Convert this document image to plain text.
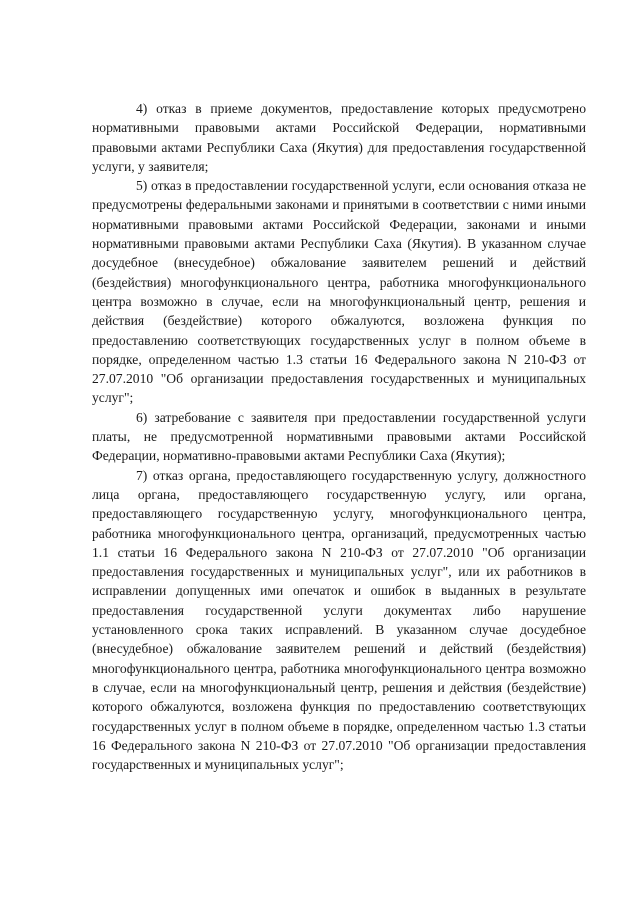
4) отказ в приеме документов, предоставление которых предусмотрено нормативными правовыми актами Российской Федерации, нормативными правовыми актами Республики Саха (Якутия) для предоставления государственной услуги, у заявителя;

5) отказ в предоставлении государственной услуги, если основания отказа не предусмотрены федеральными законами и принятыми в соответствии с ними иными нормативными правовыми актами Российской Федерации, законами и иными нормативными правовыми актами Республики Саха (Якутия). В указанном случае досудебное (внесудебное) обжалование заявителем решений и действий (бездействия) многофункционального центра, работника многофункционального центра возможно в случае, если на многофункциональный центр, решения и действия (бездействие) которого обжалуются, возложена функция по предоставлению соответствующих государственных услуг в полном объеме в порядке, определенном частью 1.3 статьи 16 Федерального закона N 210-ФЗ от 27.07.2010 "Об организации предоставления государственных и муниципальных услуг";

6) затребование с заявителя при предоставлении государственной услуги платы, не предусмотренной нормативными правовыми актами Российской Федерации, нормативно-правовыми актами Республики Саха (Якутия);

7) отказ органа, предоставляющего государственную услугу, должностного лица органа, предоставляющего государственную услугу, или органа, предоставляющего государственную услугу, многофункционального центра, работника многофункционального центра, организаций, предусмотренных частью 1.1 статьи 16 Федерального закона N 210-ФЗ от 27.07.2010 "Об организации предоставления государственных и муниципальных услуг", или их работников в исправлении допущенных ими опечаток и ошибок в выданных в результате предоставления государственной услуги документах либо нарушение установленного срока таких исправлений. В указанном случае досудебное (внесудебное) обжалование заявителем решений и действий (бездействия) многофункционального центра, работника многофункционального центра возможно в случае, если на многофункциональный центр, решения и действия (бездействие) которого обжалуются, возложена функция по предоставлению соответствующих государственных услуг в полном объеме в порядке, определенном частью 1.3 статьи 16 Федерального закона N 210-ФЗ от 27.07.2010 "Об организации предоставления государственных и муниципальных услуг";
